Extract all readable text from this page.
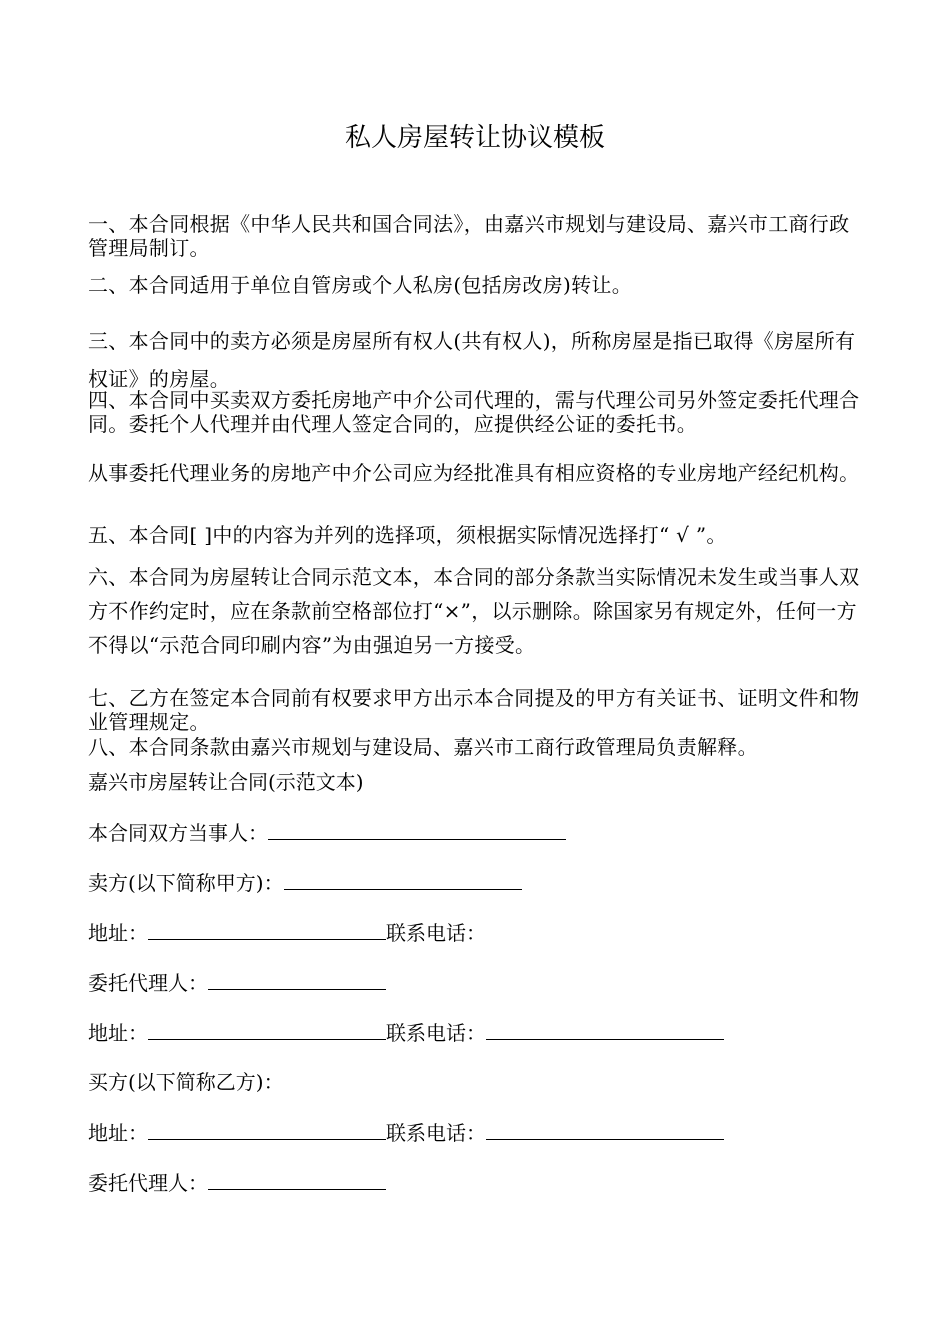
私人房屋转让协议模板
一、本合同根据《中华人民共和国合同法》，由嘉兴市规划与建设局、嘉兴市工商行政管理局制订。
二、本合同适用于单位自管房或个人私房(包括房改房)转让。
三、本合同中的卖方必须是房屋所有权人(共有权人)，所称房屋是指已取得《房屋所有权证》的房屋。
四、本合同中买卖双方委托房地产中介公司代理的，需与代理公司另外签定委托代理合同。委托个人代理并由代理人签定合同的，应提供经公证的委托书。
从事委托代理业务的房地产中介公司应为经批准具有相应资格的专业房地产经纪机构。
五、本合同[ ]中的内容为并列的选择项，须根据实际情况选择打“ √ ”。
六、本合同为房屋转让合同示范文本，本合同的部分条款当实际情况未发生或当事人双方不作约定时，应在条款前空格部位打“×”，以示删除。除国家另有规定外，任何一方不得以“示范合同印刷内容”为由强迫另一方接受。
七、乙方在签定本合同前有权要求甲方出示本合同提及的甲方有关证书、证明文件和物业管理规定。
八、本合同条款由嘉兴市规划与建设局、嘉兴市工商行政管理局负责解释。
嘉兴市房屋转让合同(示范文本)
本合同双方当事人：
卖方(以下简称甲方)：
地址：	联系电话：
委托代理人：
地址：	联系电话：
买方(以下简称乙方)：
地址：	联系电话：
委托代理人：
